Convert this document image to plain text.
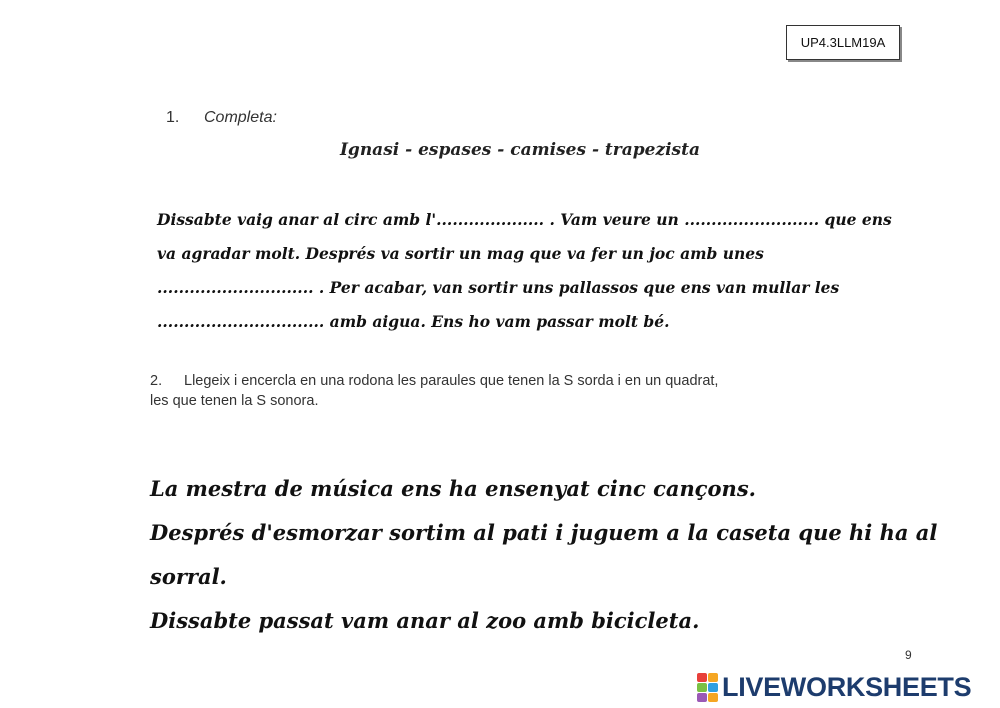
UP4.3LLM19A
1. Completa:
Ignasi - espases - camises - trapezista
Dissabte vaig anar al circ amb l'.................... . Vam veure un ......................... que ens
va agradar molt. Després va sortir un mag que va fer un joc amb unes
............................. . Per acabar, van sortir uns pallassos que ens van mullar les
............................... amb aigua. Ens ho vam passar molt bé.
2. Llegeix i encercla en una rodona les paraules que tenen la S sorda i en un quadrat,
les que tenen la S sonora.
La mestra de música ens ha ensenyat cinc cançons.
Després d'esmorzar sortim al pati i juguem a la caseta que hi ha al
sorral.
Dissabte passat vam anar al zoo amb bicicleta.
9
LIVEWORKSHEETS
